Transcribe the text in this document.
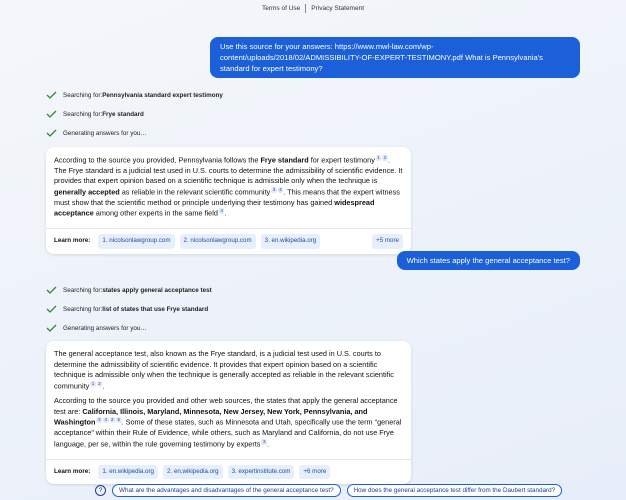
Terms of Use Privacy Statement
Use this source for your answers: https://www.mwl-law.com/wp-content/uploads/2018/02/ADMISSIBILITY-OF-EXPERT-TESTIMONY.pdf What is Pennsylvania's standard for expert testimony?
Searching for: Pennsylvania standard expert testimony
Searching for: Frye standard
Generating answers for you…

According to the source you provided, Pennsylvania follows the Frye standard for expert testimony $^1$ $^2$ . The Frye standard is a judicial test used in U.S. courts to determine the admissibility of scientific evidence. It provides that expert opinion based on a scientific technique is admissible only when the technique is generally accepted as reliable in the relevant scientific community $^3$ $^4$ . This means that the expert witness must show that the scientific method or principle underlying their testimony has gained widespread acceptance among other experts in the same field $^4$ .

Learn more:	1. nicolsonlawgroup.com	2. nicolsonlawgroup.com	3. en.wikipedia.org	+5 more
Which states apply the general acceptance test?
Searching for: states apply general acceptance test
Searching for: list of states that use Frye standard
Generating answers for you…

The general acceptance test, also known as the Frye standard, is a judicial test used in U.S. courts to determine the admissibility of scientific evidence. It provides that expert opinion based on a scientific technique is admissible only when the technique is generally accepted as reliable in the relevant scientific community $^1$ $^2$ .

According to the source you provided and other web sources, the states that apply the general acceptance test are: California, Illinois, Maryland, Minnesota, New Jersey, New York, Pennsylvania, and Washington $^3$ $^4$ $^2$ $^5$ . Some of these states, such as Minnesota and Utah, specifically use the term “general acceptance” within their Rule of Evidence, while others, such as Maryland and California, do not use Frye language, per se, within the rule governing testimony by experts $^3$ .

Learn more:	1. en.wikipedia.org	2. en.wikipedia.org	3. expertinstitute.com	+6 more
?	What are the advantages and disadvantages of the general acceptance test?	How does the general acceptance test differ from the Daubert standard?
